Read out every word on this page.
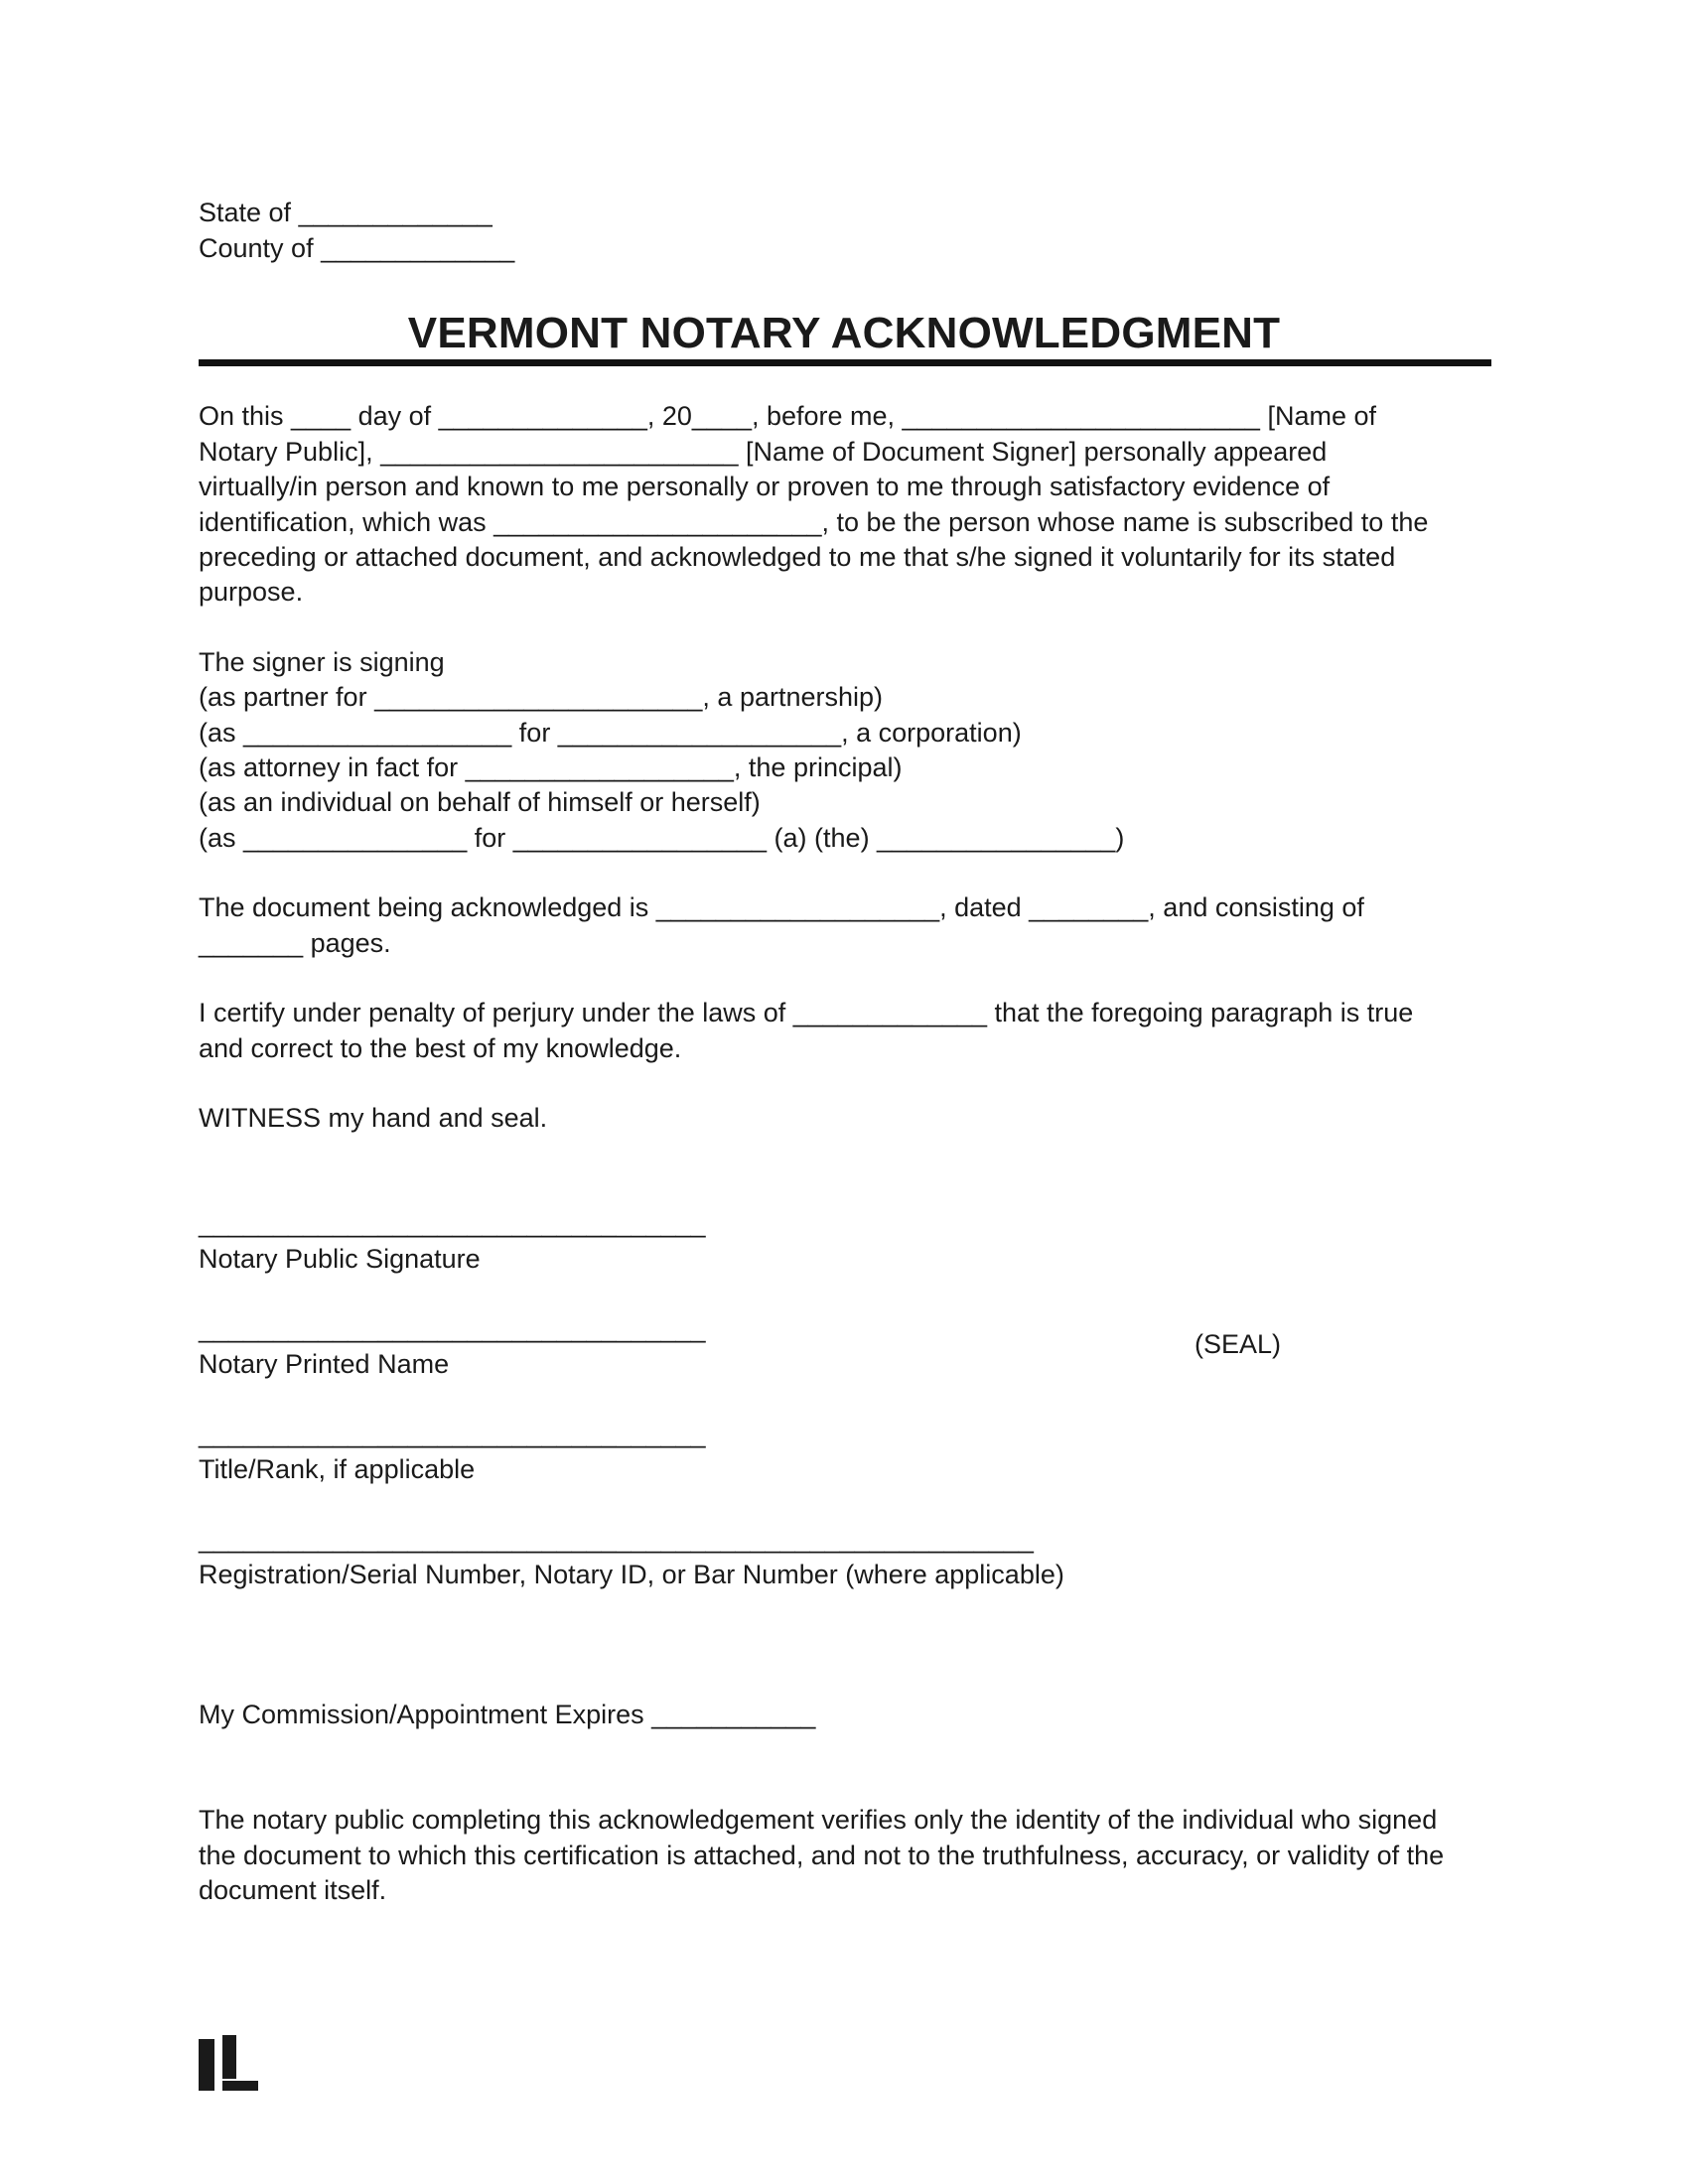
State of _____________

County of _____________

VERMONT NOTARY ACKNOWLEDGMENT

On this ____ day of ______________, 20____, before me, ________________________ [Name of

Notary Public], ________________________ [Name of Document Signer] personally appeared

virtually/in person and known to me personally or proven to me through satisfactory evidence of

identification, which was ______________________, to be the person whose name is subscribed to the

preceding or attached document, and acknowledged to me that s/he signed it voluntarily for its stated

purpose.

The signer is signing

(as partner for ______________________, a partnership)

(as __________________ for ___________________, a corporation)

(as attorney in fact for __________________, the principal)

(as an individual on behalf of himself or herself)

(as _______________ for _________________ (a) (the) ________________)

The document being acknowledged is ___________________, dated ________, and consisting of

_______ pages.

I certify under penalty of perjury under the laws of _____________ that the foregoing paragraph is true

and correct to the best of my knowledge.

WITNESS my hand and seal.

__________________________________

Notary Public Signature

__________________________________

Notary Printed Name

(SEAL)

__________________________________

Title/Rank, if applicable

________________________________________________________

Registration/Serial Number, Notary ID, or Bar Number (where applicable)

My Commission/Appointment Expires ___________

The notary public completing this acknowledgement verifies only the identity of the individual who signed

the document to which this certification is attached, and not to the truthfulness, accuracy, or validity of the

document itself.
